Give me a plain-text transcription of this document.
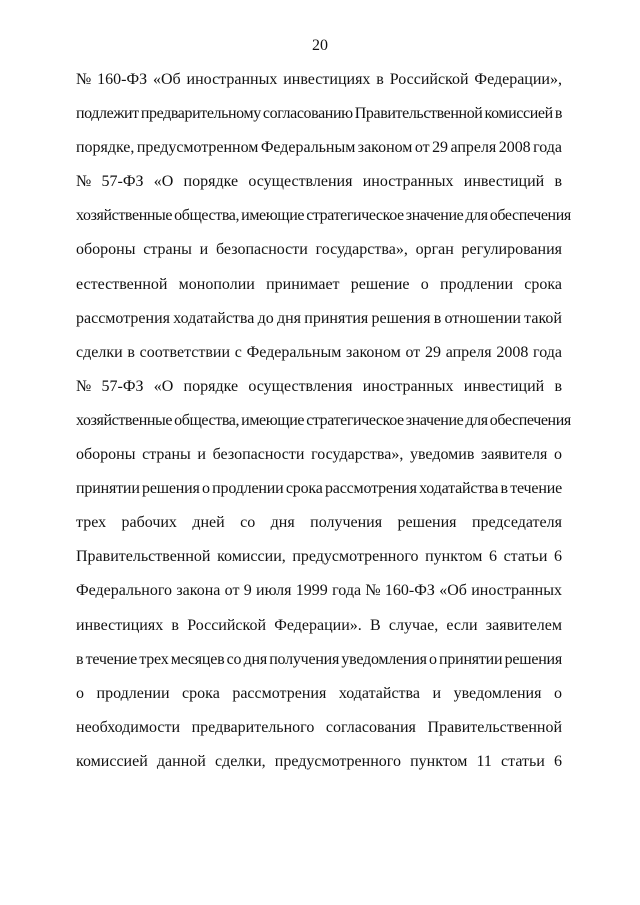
20
№ 160-ФЗ «Об иностранных инвестициях в Российской Федерации»,
подлежит предварительному согласованию Правительственной комиссией в
порядке, предусмотренном Федеральным законом от 29 апреля 2008 года
№ 57-ФЗ «О порядке осуществления иностранных инвестиций в
хозяйственные общества, имеющие стратегическое значение для обеспечения
обороны страны и безопасности государства», орган регулирования
естественной монополии принимает решение о продлении срока
рассмотрения ходатайства до дня принятия решения в отношении такой
сделки в соответствии с Федеральным законом от 29 апреля 2008 года
№ 57-ФЗ «О порядке осуществления иностранных инвестиций в
хозяйственные общества, имеющие стратегическое значение для обеспечения
обороны страны и безопасности государства», уведомив заявителя о
принятии решения о продлении срока рассмотрения ходатайства в течение
трех рабочих дней со дня получения решения председателя
Правительственной комиссии, предусмотренного пунктом 6 статьи 6
Федерального закона от 9 июля 1999 года № 160-ФЗ «Об иностранных
инвестициях в Российской Федерации». В случае, если заявителем
в течение трех месяцев со дня получения уведомления о принятии решения
о продлении срока рассмотрения ходатайства и уведомления о
необходимости предварительного согласования Правительственной
комиссией данной сделки, предусмотренного пунктом 11 статьи 6
